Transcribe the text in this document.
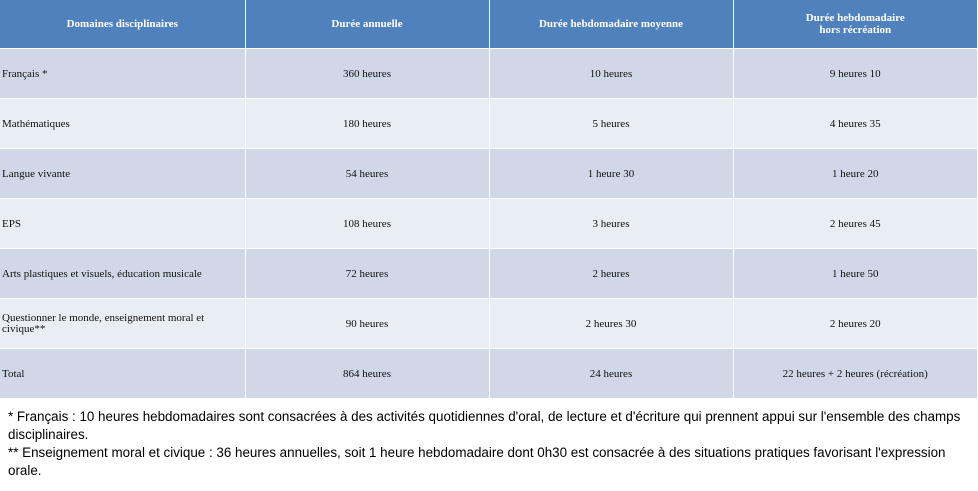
Domaines disciplinaires	Durée annuelle	Durée hebdomadaire moyenne	Durée hebdomadaire
hors récréation
Français *	360 heures	10 heures	9 heures 10
Mathématiques	180 heures	5 heures	4 heures 35
Langue vivante	54 heures	1 heure 30	1 heure 20
EPS	108 heures	3 heures	2 heures 45
Arts plastiques et visuels, éducation musicale	72 heures	2 heures	1 heure 50
Questionner le monde, enseignement moral et civique**	90 heures	2 heures 30	2 heures 20
Total	864 heures	24 heures	22 heures + 2 heures (récréation)

* Français : 10 heures hebdomadaires sont consacrées à des activités quotidiennes d'oral, de lecture et d'écriture qui prennent appui sur l'ensemble des champs disciplinaires.

** Enseignement moral et civique : 36 heures annuelles, soit 1 heure hebdomadaire dont 0h30 est consacrée à des situations pratiques favorisant l'expression orale.
